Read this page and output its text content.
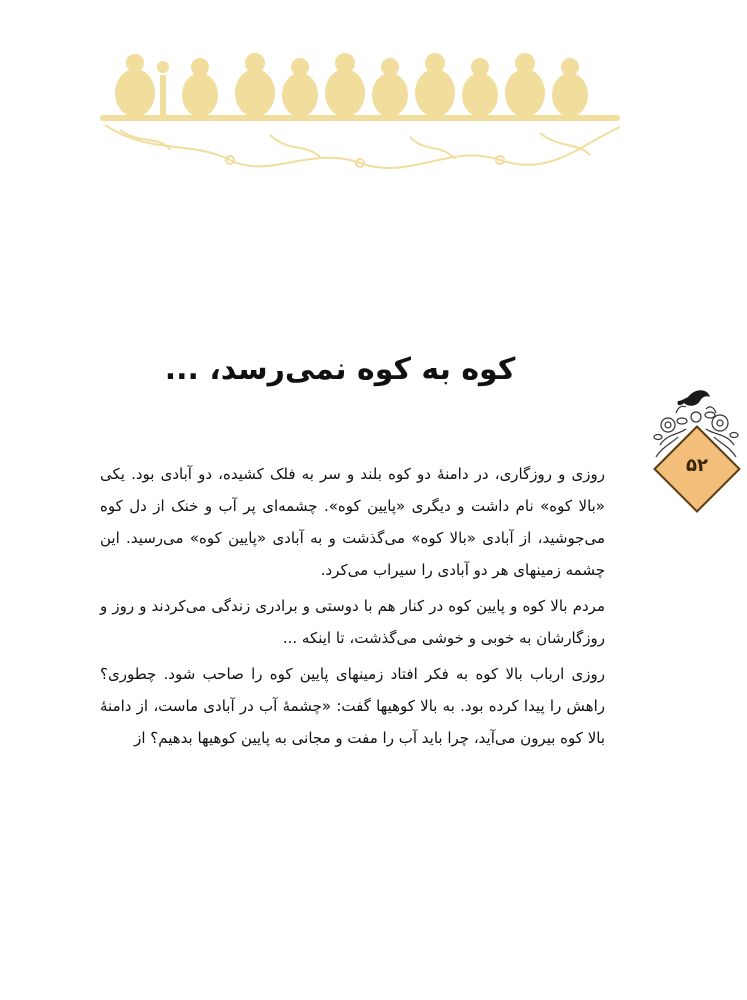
کوه به کوه نمی‌رسد، ...
۵۲

روزی و روزگاری، در دامنهٔ دو کوه بلند و سر به فلک کشیده، دو آبادی بود. یکی «بالا کوه» نام داشت و دیگری «پایین کوه». چشمه‌ای پر آب و خنک از دل کوه می‌جوشید، از آبادی «بالا کوه» می‌گذشت و به آبادی «پایین کوه» می‌رسید. این چشمه زمینهای هر دو آبادی را سیراب می‌کرد.

مردم بالا کوه و پایین کوه در کنار هم با دوستی و برادری زندگی می‌کردند و روز و روزگارشان به خوبی و خوشی می‌گذشت، تا اینکه ...

روزی ارباب بالا کوه به فکر افتاد زمینهای پایین کوه را صاحب شود. چطوری؟ راهش را پیدا کرده بود. به بالا کوهیها گفت: «چشمهٔ آب در آبادی ماست، از دامنهٔ بالا کوه بیرون می‌آید، چرا باید آب را مفت و مجانی به پایین کوهیها بدهیم؟ از
